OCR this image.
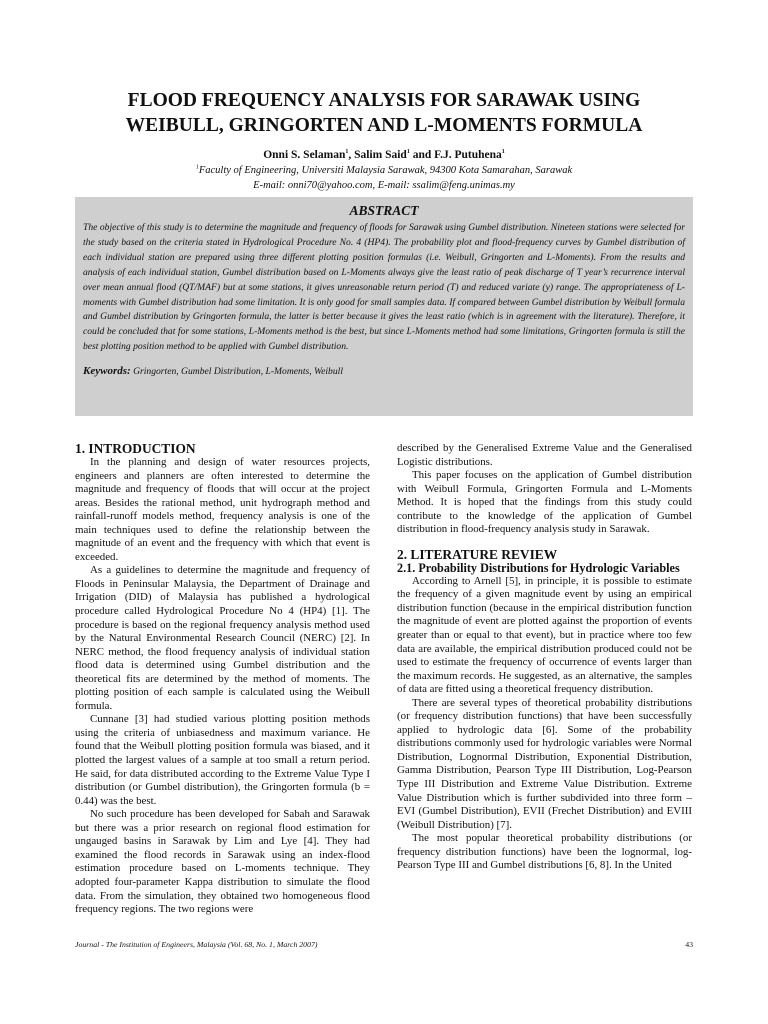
FLOOD FREQUENCY ANALYSIS FOR SARAWAK USING
WEIBULL, GRINGORTEN AND L-MOMENTS FORMULA
Onni S. Selaman$^1$, Salim Said$^1$ and F.J. Putuhena$^1$
$^1$Faculty of Engineering, Universiti Malaysia Sarawak, 94300 Kota Samarahan, Sarawak
E-mail: onni70@yahoo.com, E-mail: ssalim@feng.unimas.my
ABSTRACT

The objective of this study is to determine the magnitude and frequency of floods for Sarawak using Gumbel distribution. Nineteen stations were selected for the study based on the criteria stated in Hydrological Procedure No. 4 (HP4). The probability plot and flood-frequency curves by Gumbel distribution of each individual station are prepared using three different plotting position formulas (i.e. Weibull, Gringorten and L-Moments). From the results and analysis of each individual station, Gumbel distribution based on L-Moments always give the least ratio of peak discharge of T year’s recurrence interval over mean annual flood (QT/MAF) but at some stations, it gives unreasonable return period (T) and reduced variate (y) range. The appropriateness of L-moments with Gumbel distribution had some limitation. It is only good for small samples data. If compared between Gumbel distribution by Weibull formula and Gumbel distribution by Gringorten formula, the latter is better because it gives the least ratio (which is in agreement with the literature). Therefore, it could be concluded that for some stations, L-Moments method is the best, but since L-Moments method had some limitations, Gringorten formula is still the best plotting position method to be applied with Gumbel distribution.

Keywords: Gringorten, Gumbel Distribution, L-Moments, Weibull

1. INTRODUCTION

In the planning and design of water resources projects, engineers and planners are often interested to determine the magnitude and frequency of floods that will occur at the project areas. Besides the rational method, unit hydrograph method and rainfall-runoff models method, frequency analysis is one of the main techniques used to define the relationship between the magnitude of an event and the frequency with which that event is exceeded.

As a guidelines to determine the magnitude and frequency of Floods in Peninsular Malaysia, the Department of Drainage and Irrigation (DID) of Malaysia has published a hydrological procedure called Hydrological Procedure No 4 (HP4) [1]. The procedure is based on the regional frequency analysis method used by the Natural Environmental Research Council (NERC) [2]. In NERC method, the flood frequency analysis of individual station flood data is determined using Gumbel distribution and the theoretical fits are determined by the method of moments. The plotting position of each sample is calculated using the Weibull formula.

Cunnane [3] had studied various plotting position methods using the criteria of unbiasedness and maximum variance. He found that the Weibull plotting position formula was biased, and it plotted the largest values of a sample at too small a return period. He said, for data distributed according to the Extreme Value Type I distribution (or Gumbel distribution), the Gringorten formula (b = 0.44) was the best.

No such procedure has been developed for Sabah and Sarawak but there was a prior research on regional flood estimation for ungauged basins in Sarawak by Lim and Lye [4]. They had examined the flood records in Sarawak using an index-flood estimation procedure based on L-moments technique. They adopted four-parameter Kappa distribution to simulate the flood data. From the simulation, they obtained two homogeneous flood frequency regions. The two regions were

described by the Generalised Extreme Value and the Generalised Logistic distributions.

This paper focuses on the application of Gumbel distribution with Weibull Formula, Gringorten Formula and L-Moments Method. It is hoped that the findings from this study could contribute to the knowledge of the application of Gumbel distribution in flood-frequency analysis study in Sarawak.

2. LITERATURE REVIEW
2.1. Probability Distributions for Hydrologic Variables

According to Arnell [5], in principle, it is possible to estimate the frequency of a given magnitude event by using an empirical distribution function (because in the empirical distribution function the magnitude of event are plotted against the proportion of events greater than or equal to that event), but in practice where too few data are available, the empirical distribution produced could not be used to estimate the frequency of occurrence of events larger than the maximum records. He suggested, as an alternative, the samples of data are fitted using a theoretical frequency distribution.

There are several types of theoretical probability distributions (or frequency distribution functions) that have been successfully applied to hydrologic data [6]. Some of the probability distributions commonly used for hydrologic variables were Normal Distribution, Lognormal Distribution, Exponential Distribution, Gamma Distribution, Pearson Type III Distribution, Log-Pearson Type III Distribution and Extreme Value Distribution. Extreme Value Distribution which is further subdivided into three form – EVI (Gumbel Distribution), EVII (Frechet Distribution) and EVIII (Weibull Distribution) [7].

The most popular theoretical probability distributions (or frequency distribution functions) have been the lognormal, log-Pearson Type III and Gumbel distributions [6, 8]. In the United

Journal - The Institution of Engineers, Malaysia (Vol. 68, No. 1, March 2007)	43
